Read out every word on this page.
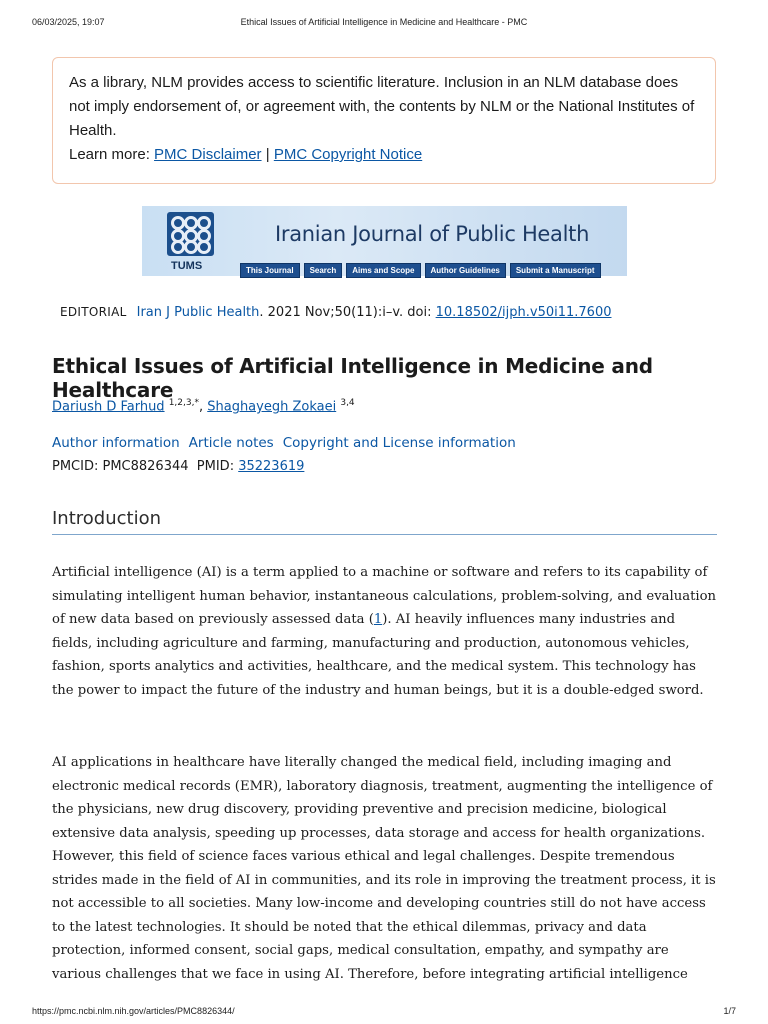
06/03/2025, 19:07	Ethical Issues of Artificial Intelligence in Medicine and Healthcare - PMC
As a library, NLM provides access to scientific literature. Inclusion in an NLM database does not imply endorsement of, or agreement with, the contents by NLM or the National Institutes of Health.
Learn more: PMC Disclaimer | PMC Copyright Notice
TUMS
Iranian Journal of Public Health
This Journal	Search	Aims and Scope	Author Guidelines	Submit a Manuscript
EDITORIAL Iran J Public Health. 2021 Nov;50(11):i–v. doi: 10.18502/ijph.v50i11.7600
Ethical Issues of Artificial Intelligence in Medicine and Healthcare
Dariush D Farhud $^{1,2,3,*}$, Shaghayegh Zokaei $^{3,4}$
Author information Article notes Copyright and License information
PMCID: PMC8826344 PMID: 35223619
Introduction

Artificial intelligence (AI) is a term applied to a machine or software and refers to its capability of simulating intelligent human behavior, instantaneous calculations, problem-solving, and evaluation of new data based on previously assessed data (1). AI heavily influences many industries and fields, including agriculture and farming, manufacturing and production, autonomous vehicles, fashion, sports analytics and activities, healthcare, and the medical system. This technology has the power to impact the future of the industry and human beings, but it is a double-edged sword.

AI applications in healthcare have literally changed the medical field, including imaging and electronic medical records (EMR), laboratory diagnosis, treatment, augmenting the intelligence of the physicians, new drug discovery, providing preventive and precision medicine, biological extensive data analysis, speeding up processes, data storage and access for health organizations. However, this field of science faces various ethical and legal challenges. Despite tremendous strides made in the field of AI in communities, and its role in improving the treatment process, it is not accessible to all societies. Many low-income and developing countries still do not have access to the latest technologies. It should be noted that the ethical dilemmas, privacy and data protection, informed consent, social gaps, medical consultation, empathy, and sympathy are various challenges that we face in using AI. Therefore, before integrating artificial intelligence

https://pmc.ncbi.nlm.nih.gov/articles/PMC8826344/	1/7
